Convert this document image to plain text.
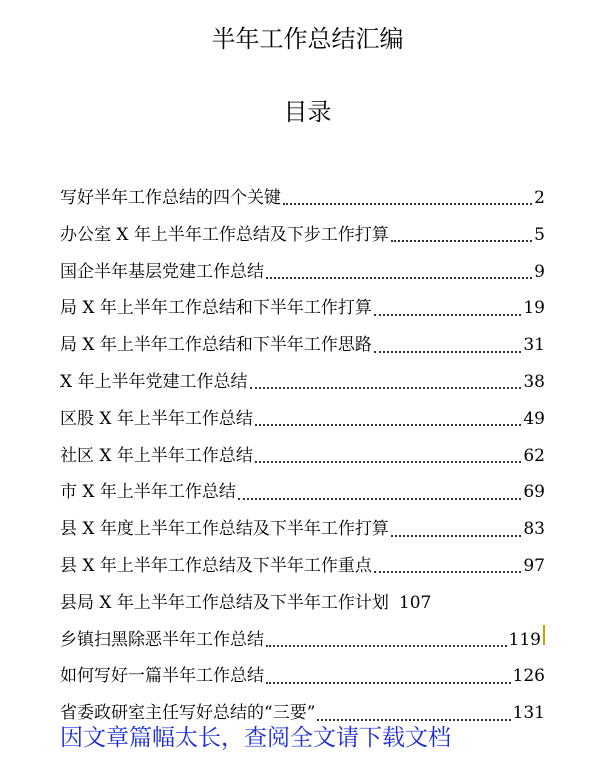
半年工作总结汇编
目录
写好半年工作总结的四个关键	2
办公室 X 年上半年工作总结及下步工作打算	5
国企半年基层党建工作总结	9
局 X 年上半年工作总结和下半年工作打算	19
局 X 年上半年工作总结和下半年工作思路	31
X 年上半年党建工作总结	38
区股 X 年上半年工作总结	49
社区 X 年上半年工作总结	62
市 X 年上半年工作总结	69
县 X 年度上半年工作总结及下半年工作打算	83
县 X 年上半年工作总结及下半年工作重点	97
县局 X 年上半年工作总结及下半年工作计划 107
乡镇扫黑除恶半年工作总结	119
如何写好一篇半年工作总结	126
省委政研室主任写好总结的“三要”	131
因文章篇幅太长，查阅全文请下载文档
